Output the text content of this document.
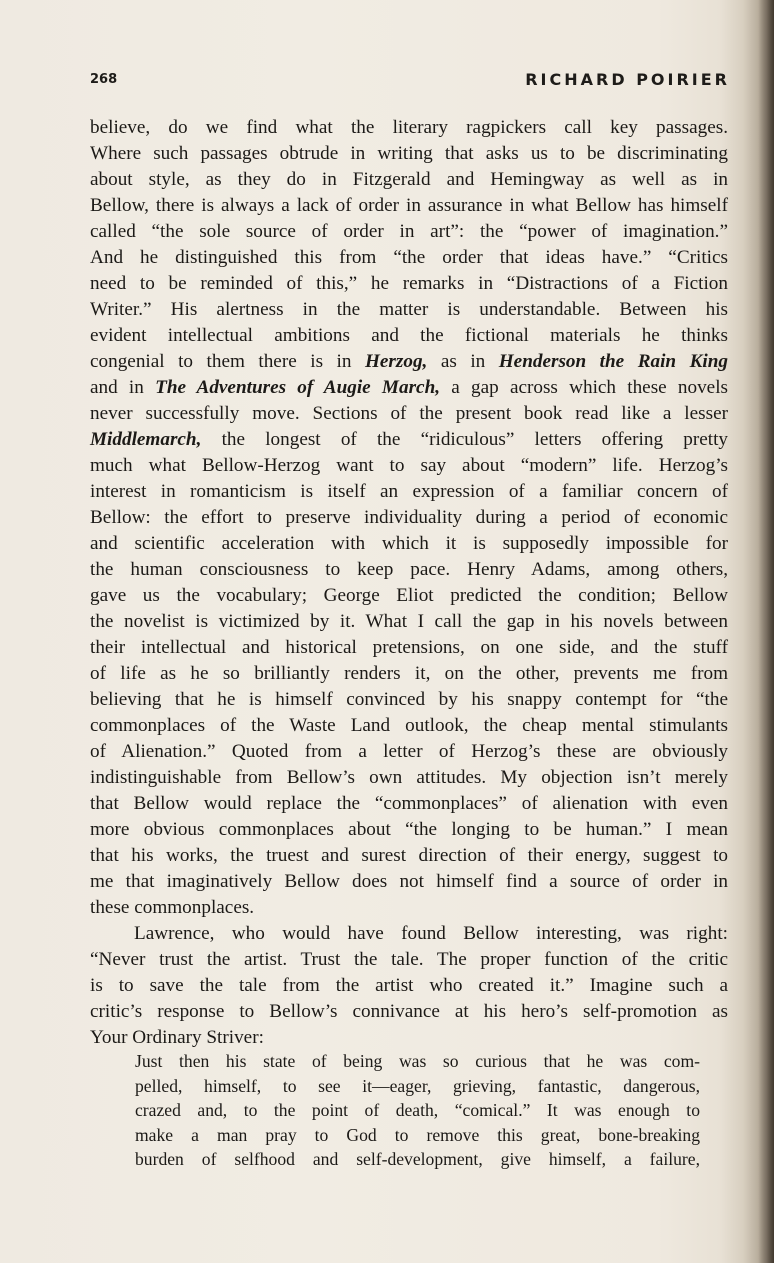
268	RICHARD POIRIER
believe, do we find what the literary ragpickers call key passages.
Where such passages obtrude in writing that asks us to be discriminating
about style, as they do in Fitzgerald and Hemingway as well as in
Bellow, there is always a lack of order in assurance in what Bellow has himself
called “the sole source of order in art”: the “power of imagination.”
And he distinguished this from “the order that ideas have.” “Critics
need to be reminded of this,” he remarks in “Distractions of a Fiction
Writer.” His alertness in the matter is understandable. Between his
evident intellectual ambitions and the fictional materials he thinks
congenial to them there is in Herzog, as in Henderson the Rain King
and in The Adventures of Augie March, a gap across which these novels
never successfully move. Sections of the present book read like a lesser
Middlemarch, the longest of the “ridiculous” letters offering pretty
much what Bellow-Herzog want to say about “modern” life. Herzog’s
interest in romanticism is itself an expression of a familiar concern of
Bellow: the effort to preserve individuality during a period of economic
and scientific acceleration with which it is supposedly impossible for
the human consciousness to keep pace. Henry Adams, among others,
gave us the vocabulary; George Eliot predicted the condition; Bellow
the novelist is victimized by it. What I call the gap in his novels between
their intellectual and historical pretensions, on one side, and the stuff
of life as he so brilliantly renders it, on the other, prevents me from
believing that he is himself convinced by his snappy contempt for “the
commonplaces of the Waste Land outlook, the cheap mental stimulants
of Alienation.” Quoted from a letter of Herzog’s these are obviously
indistinguishable from Bellow’s own attitudes. My objection isn’t merely
that Bellow would replace the “commonplaces” of alienation with even
more obvious commonplaces about “the longing to be human.” I mean
that his works, the truest and surest direction of their energy, suggest to
me that imaginatively Bellow does not himself find a source of order in
these commonplaces.
Lawrence, who would have found Bellow interesting, was right:
“Never trust the artist. Trust the tale. The proper function of the critic
is to save the tale from the artist who created it.” Imagine such a
critic’s response to Bellow’s connivance at his hero’s self-promotion as
Your Ordinary Striver:
Just then his state of being was so curious that he was com-
pelled, himself, to see it—eager, grieving, fantastic, dangerous,
crazed and, to the point of death, “comical.” It was enough to
make a man pray to God to remove this great, bone-breaking
burden of selfhood and self-development, give himself, a failure,
